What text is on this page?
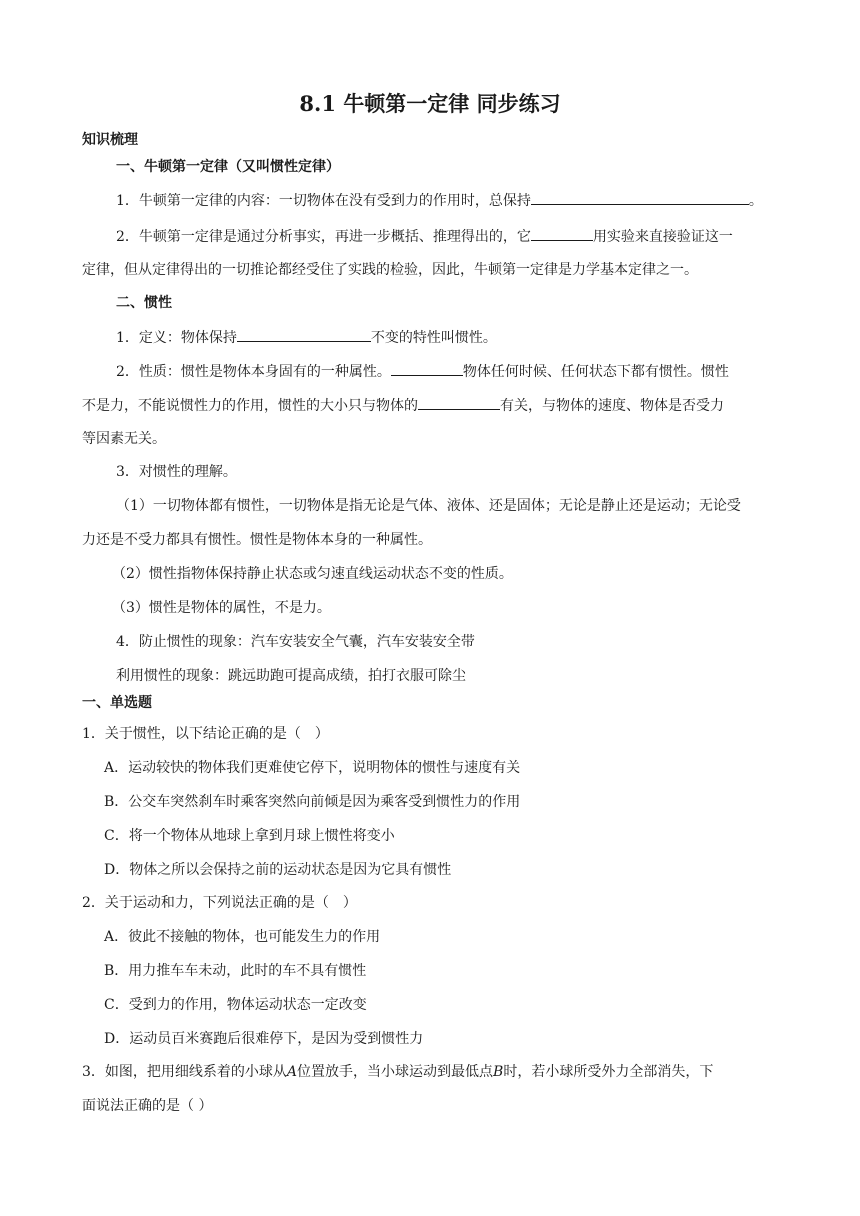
8.1 牛顿第一定律 同步练习
知识梳理
一、牛顿第一定律（又叫惯性定律）
1．牛顿第一定律的内容：一切物体在没有受到力的作用时，总保持	。
2．牛顿第一定律是通过分析事实，再进一步概括、推理得出的，它	用实验来直接验证这一
定律，但从定律得出的一切推论都经受住了实践的检验，因此，牛顿第一定律是力学基本定律之一。
二、惯性
1．定义：物体保持	不变的特性叫惯性。
2．性质：惯性是物体本身固有的一种属性。	物体任何时候、任何状态下都有惯性。惯性
不是力，不能说惯性力的作用，惯性的大小只与物体的	有关，与物体的速度、物体是否受力
等因素无关。
3．对惯性的理解。
（1）一切物体都有惯性，一切物体是指无论是气体、液体、还是固体；无论是静止还是运动；无论受
力还是不受力都具有惯性。惯性是物体本身的一种属性。
（2）惯性指物体保持静止状态或匀速直线运动状态不变的性质。
（3）惯性是物体的属性，不是力。
4．防止惯性的现象：汽车安装安全气囊，汽车安装安全带
利用惯性的现象：跳远助跑可提高成绩，拍打衣服可除尘
一、单选题
1．关于惯性，以下结论正确的是（　）
A．运动较快的物体我们更难使它停下，说明物体的惯性与速度有关
B．公交车突然刹车时乘客突然向前倾是因为乘客受到惯性力的作用
C．将一个物体从地球上拿到月球上惯性将变小
D．物体之所以会保持之前的运动状态是因为它具有惯性
2．关于运动和力，下列说法正确的是（　）
A．彼此不接触的物体，也可能发生力的作用
B．用力推车车未动，此时的车不具有惯性
C．受到力的作用，物体运动状态一定改变
D．运动员百米赛跑后很难停下，是因为受到惯性力
3．如图，把用细线系着的小球从A位置放手，当小球运动到最低点B时，若小球所受外力全部消失，下
面说法正确的是（ ）
